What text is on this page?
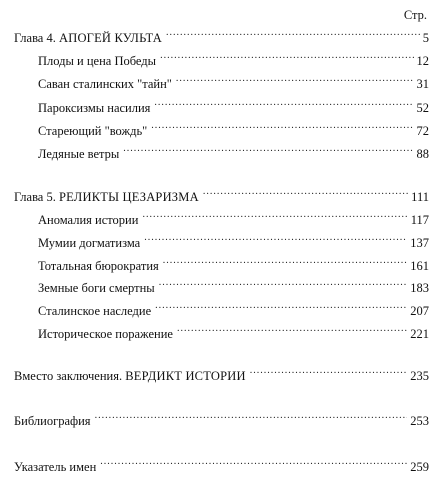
Стр.
Глава 4. АПОГЕЙ КУЛЬТА .....	5
Плоды и цена Победы .....	12
Саван сталинских "тайн" .....	31
Пароксизмы насилия .....	52
Стареющий "вождь" .....	72
Ледяные ветры .....	88
Глава 5. РЕЛИКТЫ ЦЕЗАРИЗМА .....	111
Аномалия истории .....	117
Мумии догматизма .....	137
Тотальная бюрократия .....	161
Земные боги смертны .....	183
Сталинское наследие .....	207
Историческое поражение .....	221
Вместо заключения. ВЕРДИКТ ИСТОРИИ .....	235
Библиография .....	253
Указатель имен .....	259
